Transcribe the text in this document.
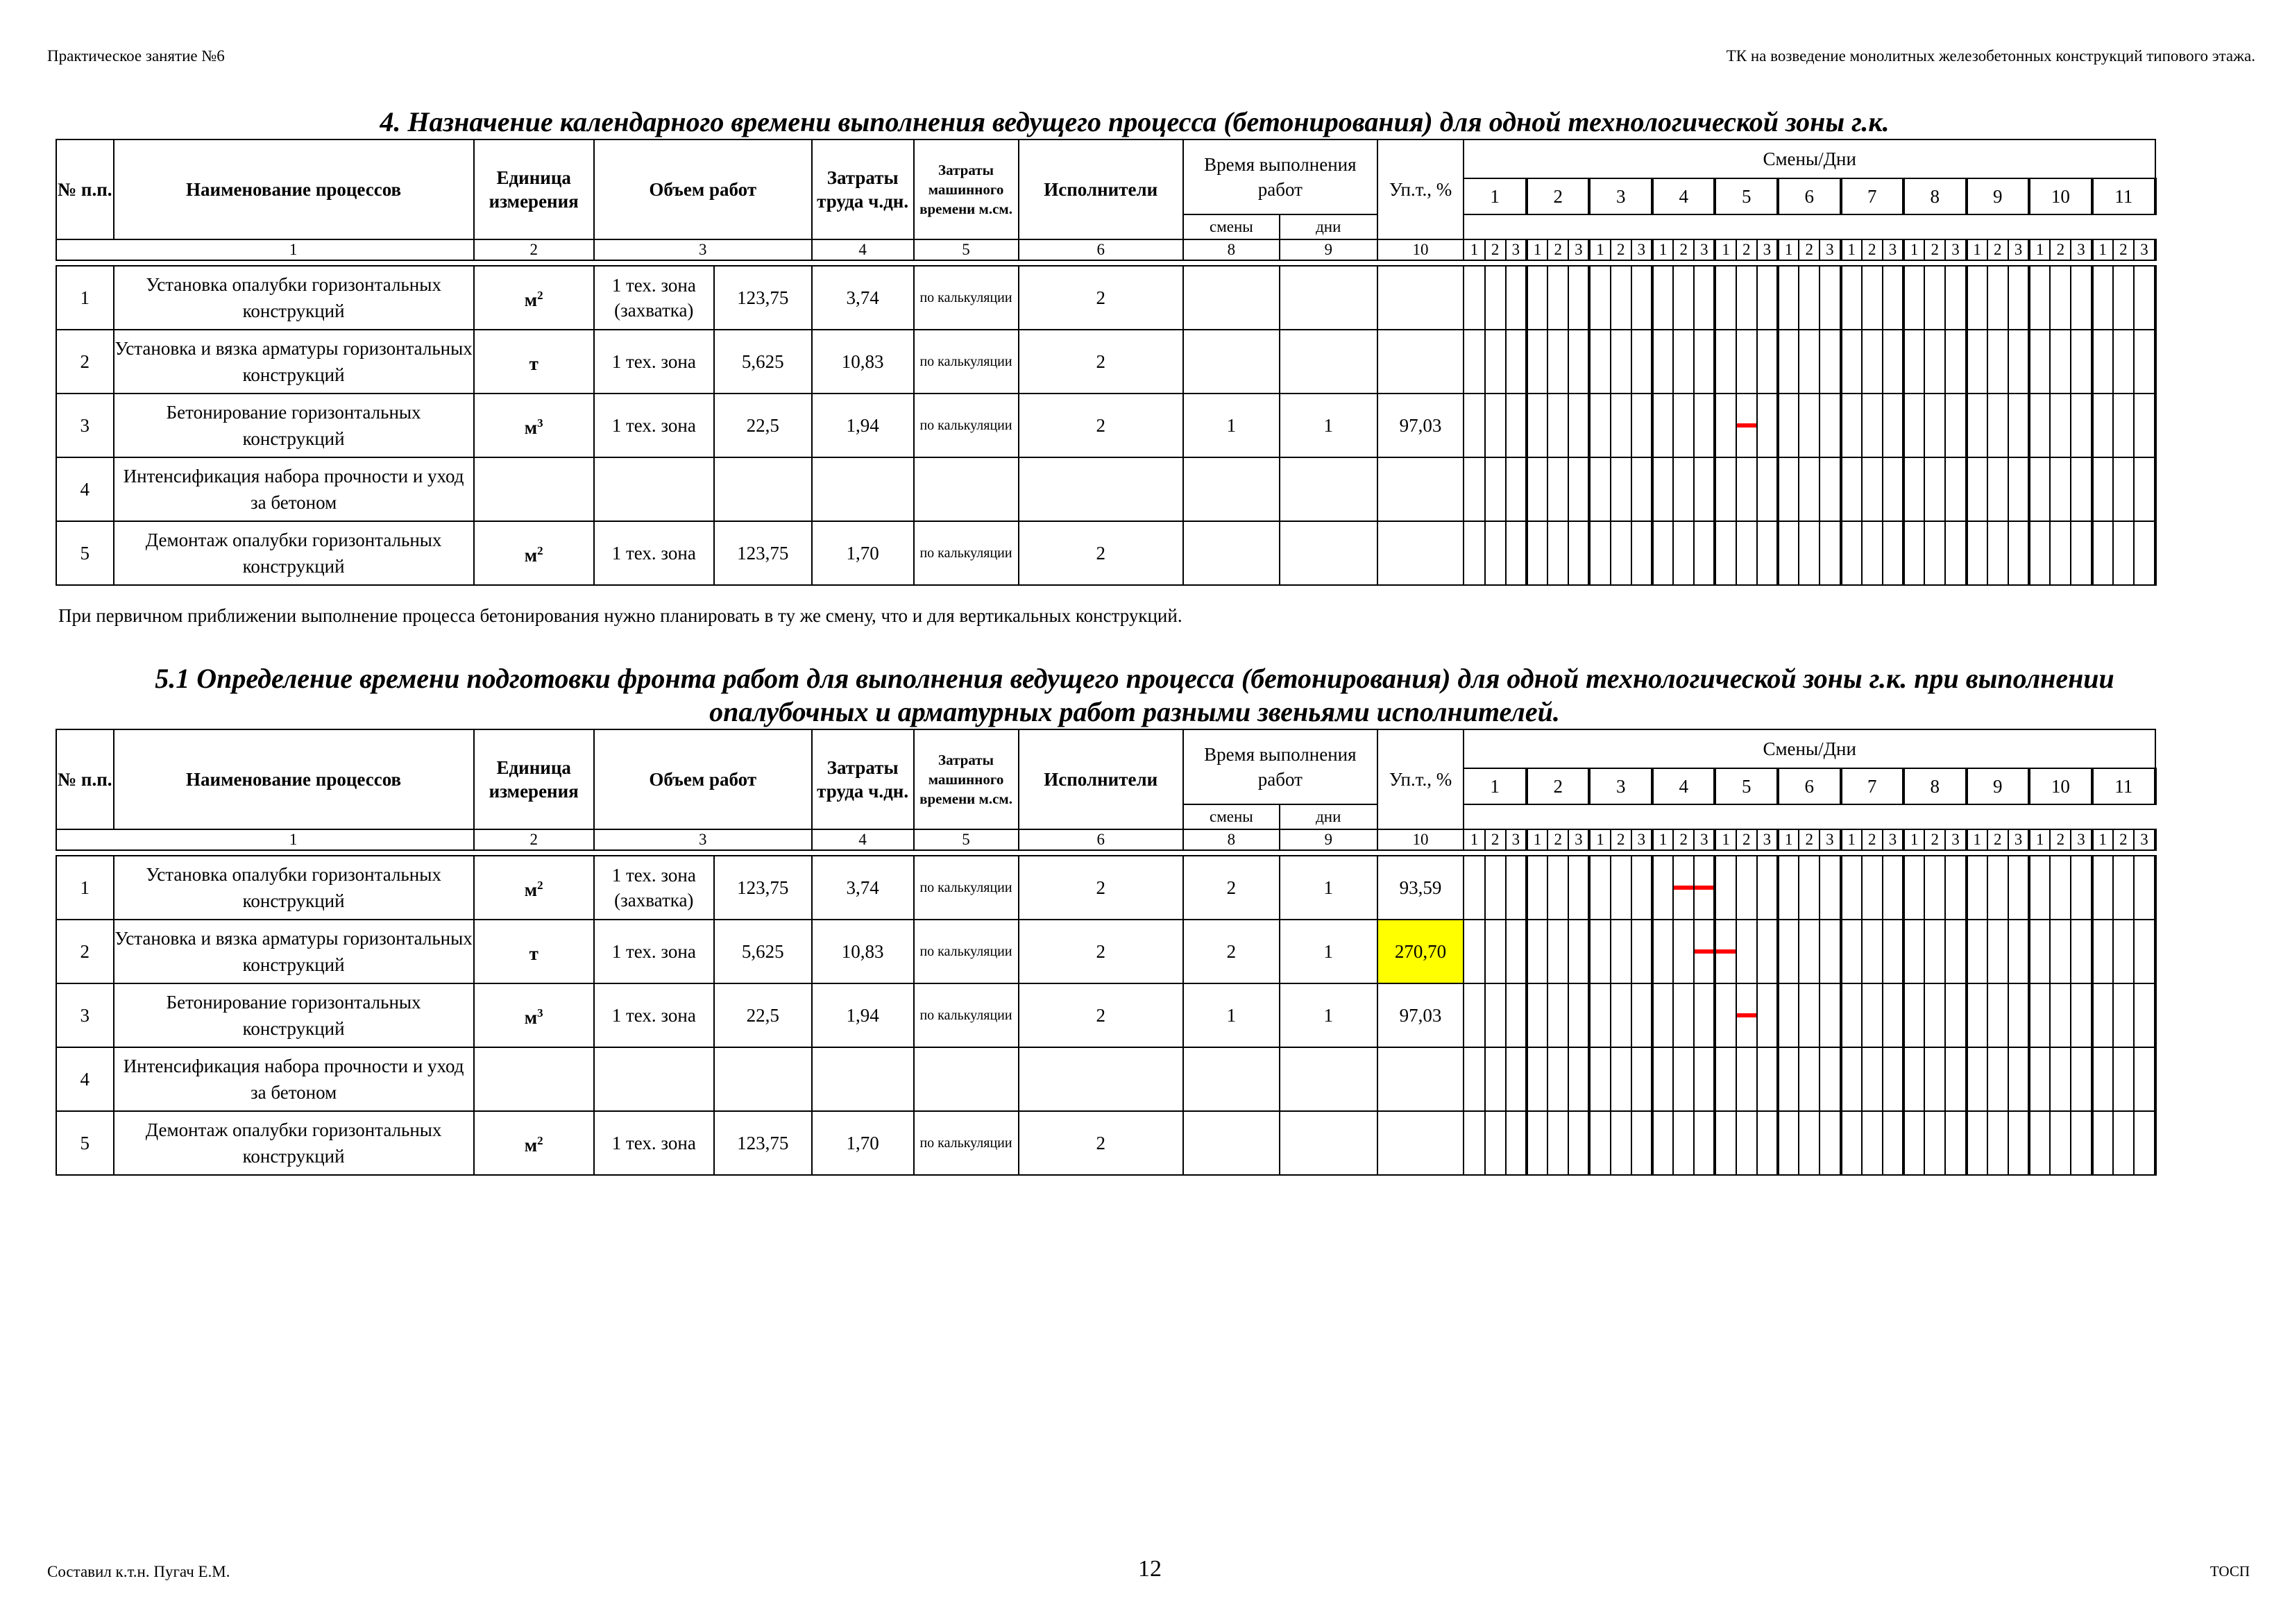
Практическое занятие №6	ТК на возведение монолитных железобетонных конструкций типового этажа.
4. Назначение календарного времени выполнения ведущего процесса (бетонирования) для одной технологической зоны г.к.
№ п.п.	Наименование процессов	Единица измерения	Объем работ		Затраты труда ч.дн.	Затраты машинного времени м.см.	Исполнители	Время выполнения работ		Уп.т., %	Смены/Дни																																
											1			2			3			4			5			6			7			8			9			10			11		
								смены	дни																																		
	1	2	3		4	5	6	8	9	10	1	2	3	1	2	3	1	2	3	1	2	3	1	2	3	1	2	3	1	2	3	1	2	3	1	2	3	1	2	3	1	2	3

1	Установка опалубки горизонтальных конструкций	$м^2$	1 тех. зона (захватка)	123,75	3,74	по калькуляции	2																																				
2	Установка и вязка арматуры горизонтальных конструкций	т	1 тех. зона	5,625	10,83	по калькуляции	2																																				
3	Бетонирование горизонтальных конструкций	$м^3$	1 тех. зона	22,5	1,94	по калькуляции	2	1	1	97,03														

4	Интенсификация набора прочности и уход за бетоном																																										
5	Демонтаж опалубки горизонтальных конструкций	$м^2$	1 тех. зона	123,75	1,70	по калькуляции	2																																				
При первичном приближении выполнение процесса бетонирования нужно планировать в ту же смену, что и для вертикальных конструкций.
5.1 Определение времени подготовки фронта работ для выполнения ведущего процесса (бетонирования) для одной технологической зоны г.к. при выполнении
опалубочных и арматурных работ разными звеньями исполнителей.
№ п.п.	Наименование процессов	Единица измерения	Объем работ		Затраты труда ч.дн.	Затраты машинного времени м.см.	Исполнители	Время выполнения работ		Уп.т., %	Смены/Дни																																
											1			2			3			4			5			6			7			8			9			10			11		
								смены	дни																																		
	1	2	3		4	5	6	8	9	10	1	2	3	1	2	3	1	2	3	1	2	3	1	2	3	1	2	3	1	2	3	1	2	3	1	2	3	1	2	3	1	2	3

1	Установка опалубки горизонтальных конструкций	$м^2$	1 тех. зона (захватка)	123,75	3,74	по калькуляции	2	2	1	93,59											

2	Установка и вязка арматуры горизонтальных конструкций	т	1 тех. зона	5,625	10,83	по калькуляции	2	2	1	270,70												

3	Бетонирование горизонтальных конструкций	$м^3$	1 тех. зона	22,5	1,94	по калькуляции	2	1	1	97,03														

4	Интенсификация набора прочности и уход за бетоном																																										
5	Демонтаж опалубки горизонтальных конструкций	$м^2$	1 тех. зона	123,75	1,70	по калькуляции	2																																				
Составил к.т.н. Пугач Е.М.	12	ТОСП
